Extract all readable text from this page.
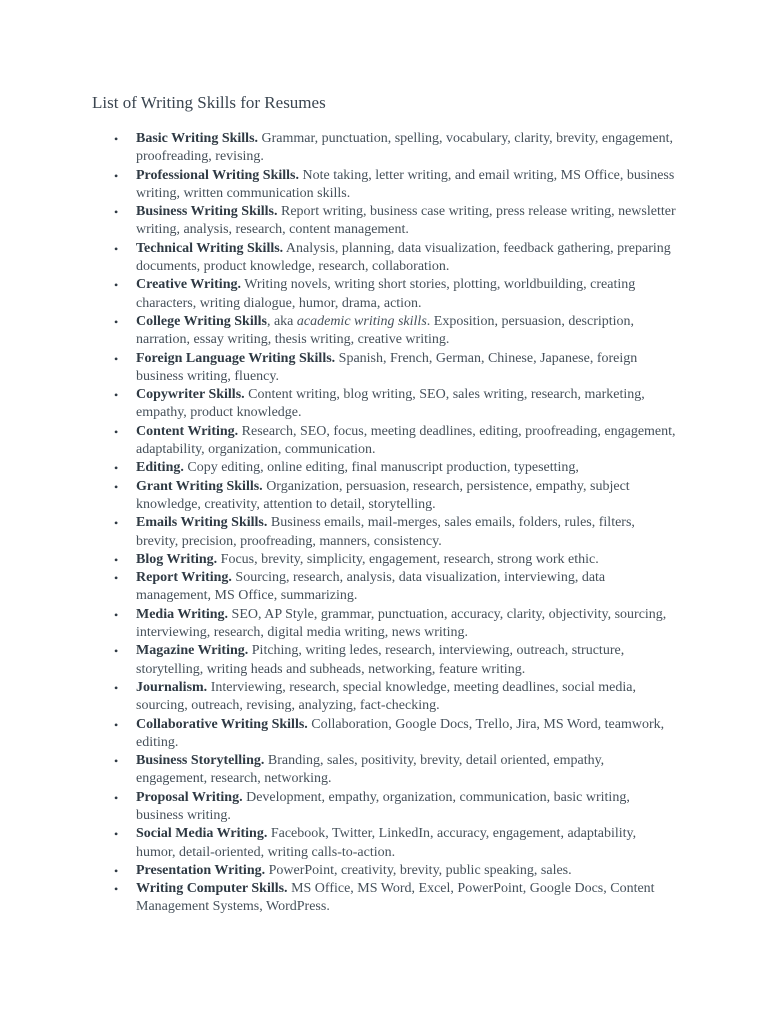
List of Writing Skills for Resumes
• Basic Writing Skills. Grammar, punctuation, spelling, vocabulary, clarity, brevity, engagement, proofreading, revising.
• Professional Writing Skills. Note taking, letter writing, and email writing, MS Office, business writing, written communication skills.
• Business Writing Skills. Report writing, business case writing, press release writing, newsletter writing, analysis, research, content management.
• Technical Writing Skills. Analysis, planning, data visualization, feedback gathering, preparing documents, product knowledge, research, collaboration.
• Creative Writing. Writing novels, writing short stories, plotting, worldbuilding, creating characters, writing dialogue, humor, drama, action.
• College Writing Skills, aka academic writing skills. Exposition, persuasion, description, narration, essay writing, thesis writing, creative writing.
• Foreign Language Writing Skills. Spanish, French, German, Chinese, Japanese, foreign business writing, fluency.
• Copywriter Skills. Content writing, blog writing, SEO, sales writing, research, marketing, empathy, product knowledge.
• Content Writing. Research, SEO, focus, meeting deadlines, editing, proofreading, engagement, adaptability, organization, communication.
• Editing. Copy editing, online editing, final manuscript production, typesetting,
• Grant Writing Skills. Organization, persuasion, research, persistence, empathy, subject knowledge, creativity, attention to detail, storytelling.
• Emails Writing Skills. Business emails, mail-merges, sales emails, folders, rules, filters, brevity, precision, proofreading, manners, consistency.
• Blog Writing. Focus, brevity, simplicity, engagement, research, strong work ethic.
• Report Writing. Sourcing, research, analysis, data visualization, interviewing, data management, MS Office, summarizing.
• Media Writing. SEO, AP Style, grammar, punctuation, accuracy, clarity, objectivity, sourcing, interviewing, research, digital media writing, news writing.
• Magazine Writing. Pitching, writing ledes, research, interviewing, outreach, structure, storytelling, writing heads and subheads, networking, feature writing.
• Journalism. Interviewing, research, special knowledge, meeting deadlines, social media, sourcing, outreach, revising, analyzing, fact-checking.
• Collaborative Writing Skills. Collaboration, Google Docs, Trello, Jira, MS Word, teamwork, editing.
• Business Storytelling. Branding, sales, positivity, brevity, detail oriented, empathy, engagement, research, networking.
• Proposal Writing. Development, empathy, organization, communication, basic writing, business writing.
• Social Media Writing. Facebook, Twitter, LinkedIn, accuracy, engagement, adaptability, humor, detail-oriented, writing calls-to-action.
• Presentation Writing. PowerPoint, creativity, brevity, public speaking, sales.
• Writing Computer Skills. MS Office, MS Word, Excel, PowerPoint, Google Docs, Content Management Systems, WordPress.
